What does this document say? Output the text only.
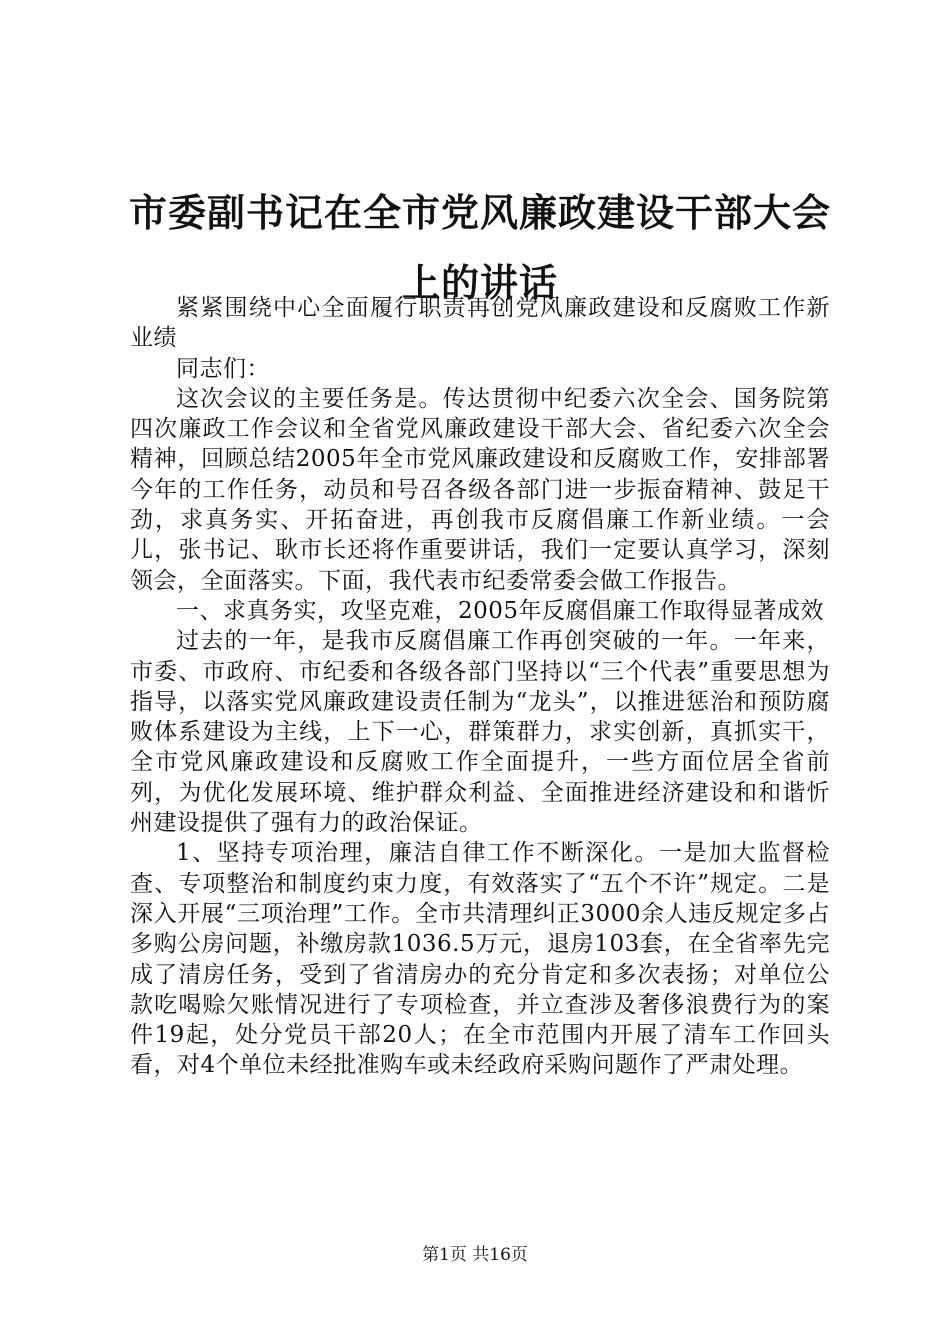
市委副书记在全市党风廉政建设干部大会上的讲话

紧紧围绕中心全面履行职责再创党风廉政建设和反腐败工作新业绩

同志们：

这次会议的主要任务是。传达贯彻中纪委六次全会、国务院第四次廉政工作会议和全省党风廉政建设干部大会、省纪委六次全会精神，回顾总结2005年全市党风廉政建设和反腐败工作，安排部署今年的工作任务，动员和号召各级各部门进一步振奋精神、鼓足干劲，求真务实、开拓奋进，再创我市反腐倡廉工作新业绩。一会儿，张书记、耿市长还将作重要讲话，我们一定要认真学习，深刻领会，全面落实。下面，我代表市纪委常委会做工作报告。

一、求真务实，攻坚克难，2005年反腐倡廉工作取得显著成效

过去的一年，是我市反腐倡廉工作再创突破的一年。一年来，市委、市政府、市纪委和各级各部门坚持以“三个代表”重要思想为指导，以落实党风廉政建设责任制为“龙头”，以推进惩治和预防腐败体系建设为主线，上下一心，群策群力，求实创新，真抓实干，全市党风廉政建设和反腐败工作全面提升，一些方面位居全省前列，为优化发展环境、维护群众利益、全面推进经济建设和和谐忻州建设提供了强有力的政治保证。

1、坚持专项治理，廉洁自律工作不断深化。一是加大监督检查、专项整治和制度约束力度，有效落实了“五个不许”规定。二是深入开展“三项治理”工作。全市共清理纠正3000余人违反规定多占多购公房问题，补缴房款1036.5万元，退房103套，在全省率先完成了清房任务，受到了省清房办的充分肯定和多次表扬；对单位公款吃喝赊欠账情况进行了专项检查，并立查涉及奢侈浪费行为的案件19起，处分党员干部20人；在全市范围内开展了清车工作回头看，对4个单位未经批准购车或未经政府采购问题作了严肃处理。

第1页 共16页
